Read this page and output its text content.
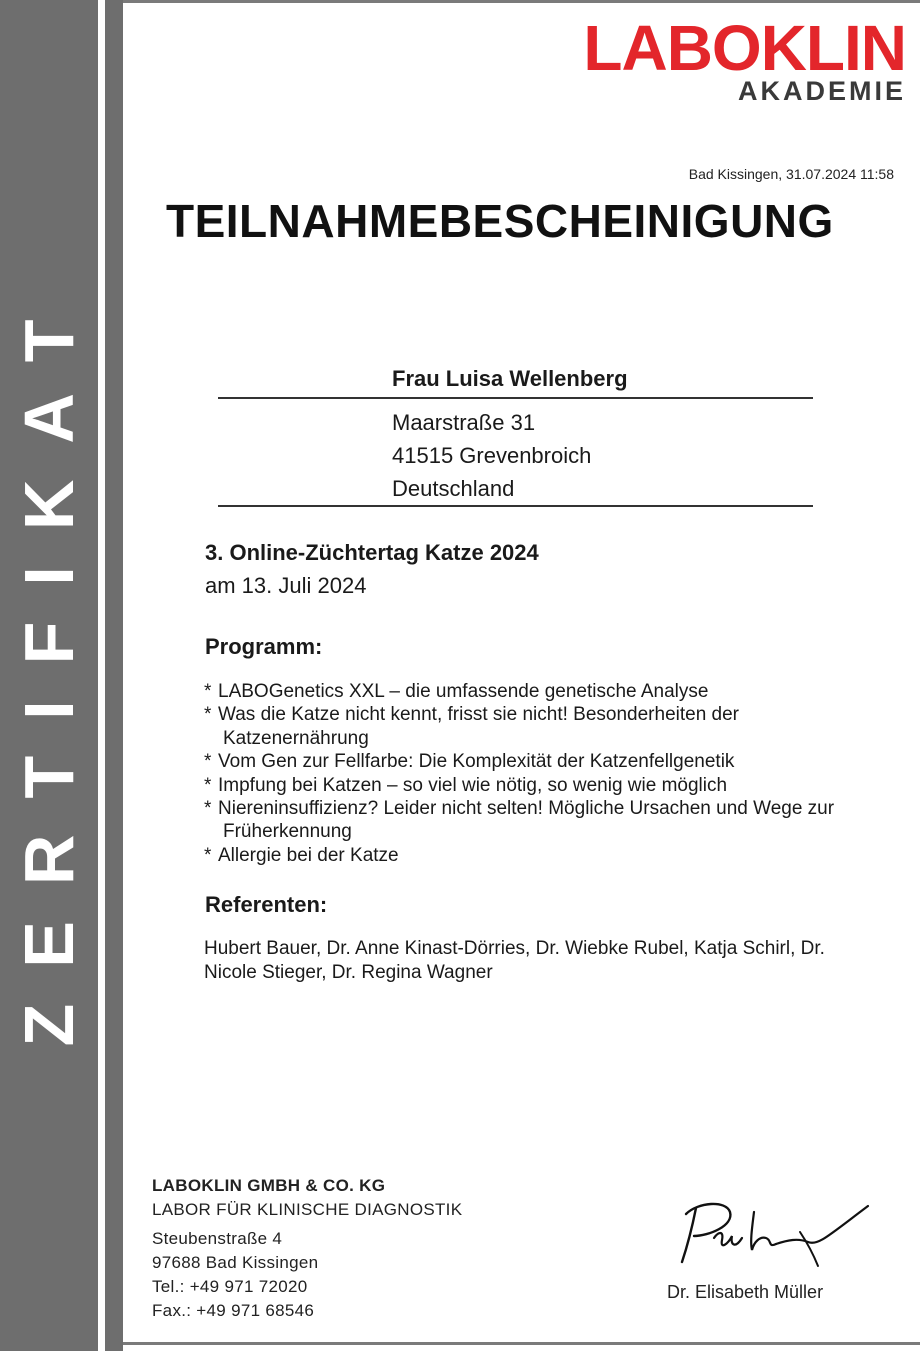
ZERTIFIKAT
LABOKLIN
AKADEMIE
Bad Kissingen, 31.07.2024 11:58
TEILNAHMEBESCHEINIGUNG
Frau Luisa Wellenberg
Maarstraße 31
41515 Grevenbroich
Deutschland
3. Online-Züchtertag Katze 2024
am 13. Juli 2024
Programm:
* LABOGenetics XXL – die umfassende genetische Analyse
* Was die Katze nicht kennt, frisst sie nicht! Besonderheiten der Katzenernährung
* Vom Gen zur Fellfarbe: Die Komplexität der Katzenfellgenetik
* Impfung bei Katzen – so viel wie nötig, so wenig wie möglich
* Niereninsuffizienz? Leider nicht selten! Mögliche Ursachen und Wege zur Früherkennung
* Allergie bei der Katze
Referenten:
Hubert Bauer, Dr. Anne Kinast-Dörries, Dr. Wiebke Rubel, Katja Schirl, Dr. Nicole Stieger, Dr. Regina Wagner
LABOKLIN GMBH & CO. KG
LABOR FÜR KLINISCHE DIAGNOSTIK
Steubenstraße 4
97688 Bad Kissingen
Tel.: +49 971 72020
Fax.: +49 971 68546
Dr. Elisabeth Müller
